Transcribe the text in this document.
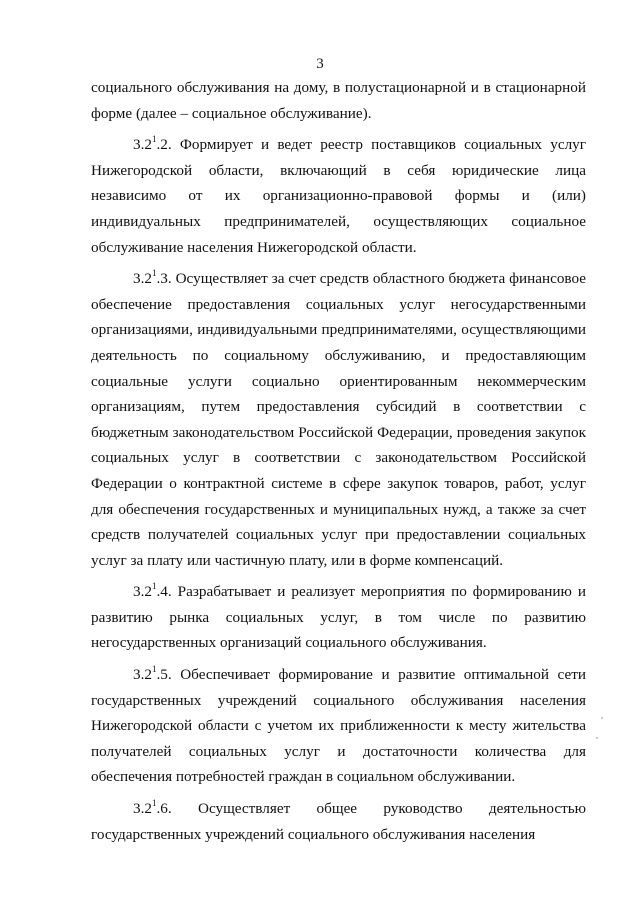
3

социального обслуживания на дому, в полустационарной и в стационарной форме (далее – социальное обслуживание).

$3.2^1.2$. Формирует и ведет реестр поставщиков социальных услуг Нижегородской области, включающий в себя юридические лица независимо от их организационно-правовой формы и (или) индивидуальных предпринимателей, осуществляющих социальное обслуживание населения Нижегородской области.

$3.2^1.3$. Осуществляет за счет средств областного бюджета финансовое обеспечение предоставления социальных услуг негосударственными организациями, индивидуальными предпринимателями, осуществляющими деятельность по социальному обслуживанию, и предоставляющим социальные услуги социально ориентированным некоммерческим организациям, путем предоставления субсидий в соответствии с бюджетным законодательством Российской Федерации, проведения закупок социальных услуг в соответствии с законодательством Российской Федерации о контрактной системе в сфере закупок товаров, работ, услуг для обеспечения государственных и муниципальных нужд, а также за счет средств получателей социальных услуг при предоставлении социальных услуг за плату или частичную плату, или в форме компенсаций.

$3.2^1.4$. Разрабатывает и реализует мероприятия по формированию и развитию рынка социальных услуг, в том числе по развитию негосударственных организаций социального обслуживания.

$3.2^1.5$. Обеспечивает формирование и развитие оптимальной сети государственных учреждений социального обслуживания населения Нижегородской области с учетом их приближенности к месту жительства получателей социальных услуг и достаточности количества для обеспечения потребностей граждан в социальном обслуживании.

$3.2^1.6$. Осуществляет общее руководство деятельностью государственных учреждений социального обслуживания населения
